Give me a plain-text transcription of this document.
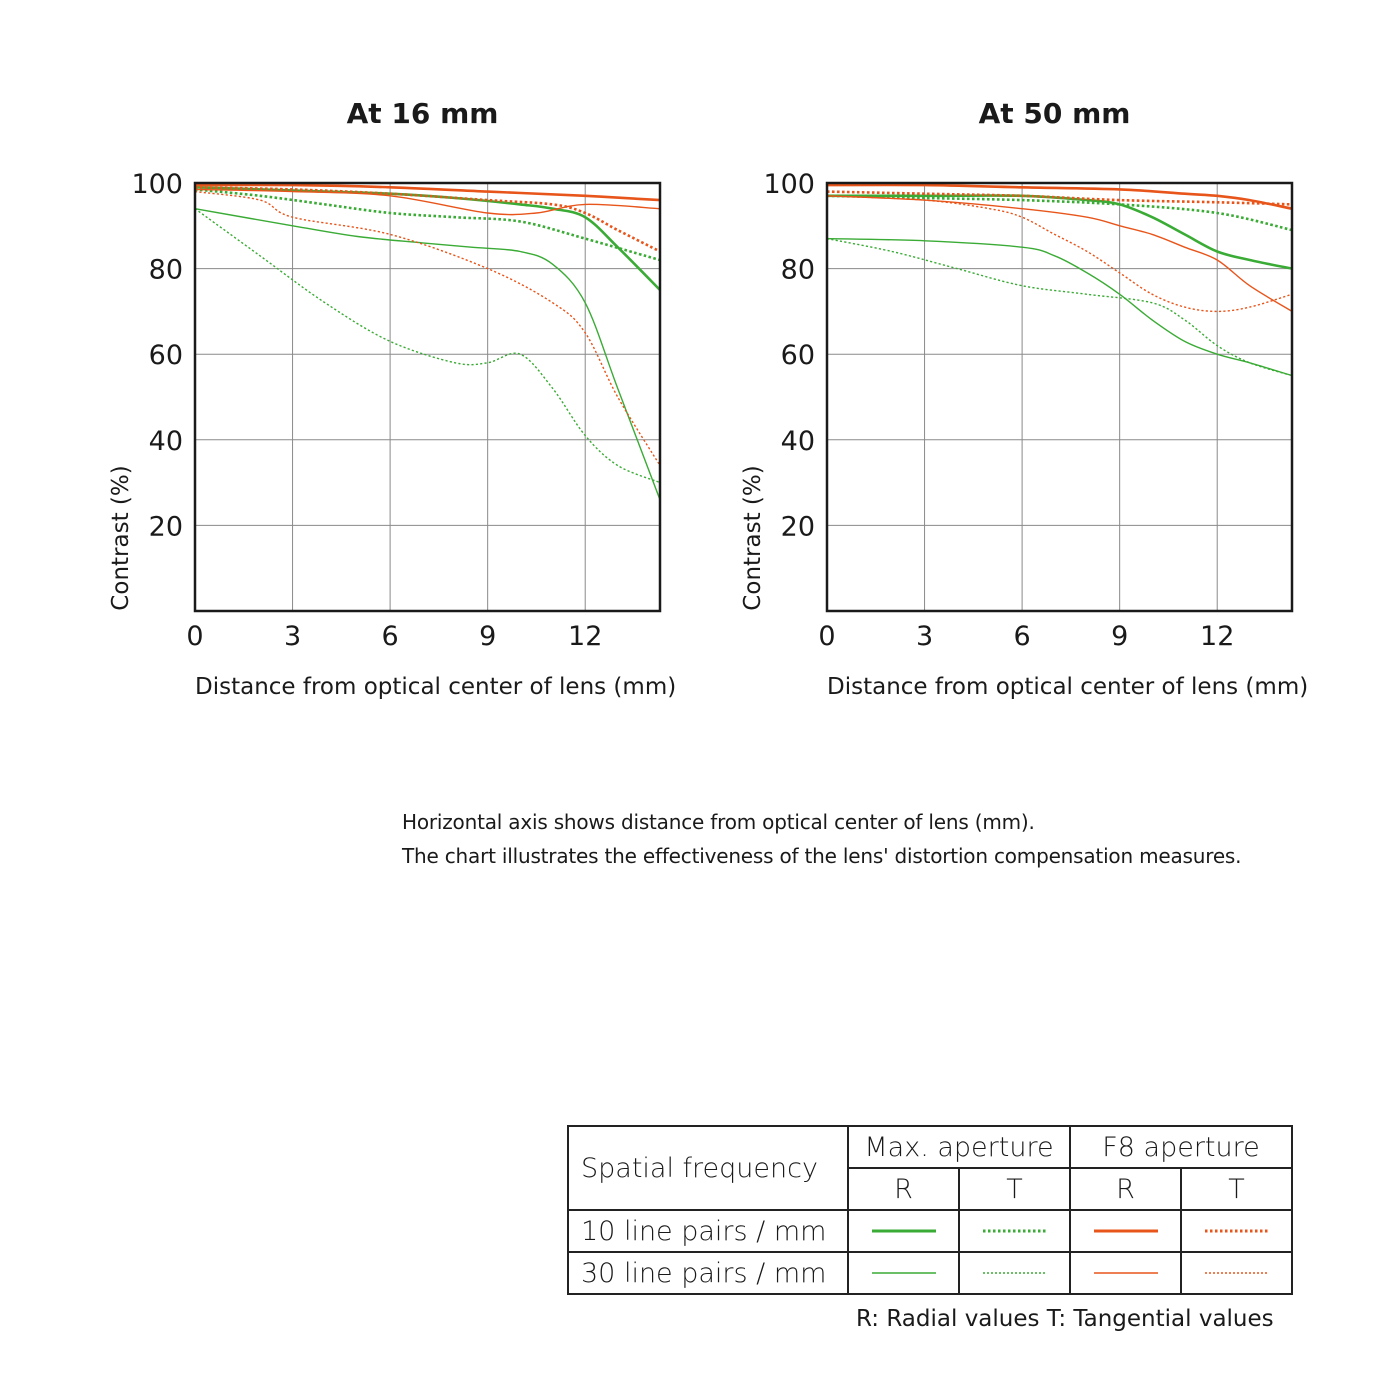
0	3	6	9	12
20
40
60
80
100
At 16 mm
Distance from optical center of lens (mm)
Contrast (%)
0	3	6	9	12
20
40
60
80
100
At 50 mm
Distance from optical center of lens (mm)
Contrast (%)
Horizontal axis shows distance from optical center of lens (mm).
The chart illustrates the effectiveness of the lens' distortion compensation measures.
Spatial frequency	Max. aperture		F8 aperture	
	R	T	R	T
10 line pairs / mm	

30 line pairs / mm	

R: Radial values T: Tangential values
